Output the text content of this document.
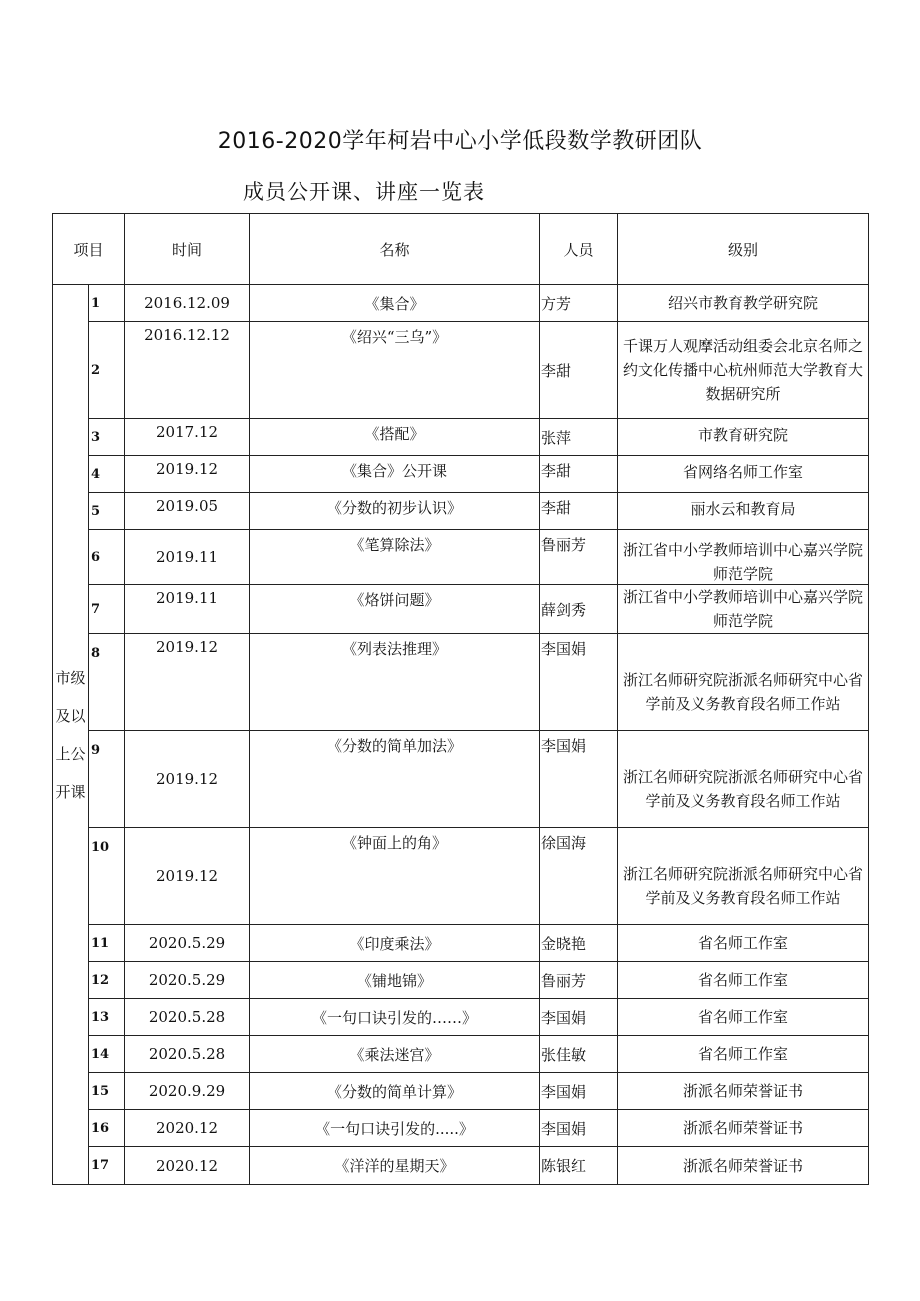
2016-2020学年柯岩中心小学低段数学教研团队
成员公开课、讲座一览表
项目		时间	名称	人员	级别
市级及以上公开课	1	2016.12.09	《集合》	方芳	绍兴市教育教学研究院
	2	2016.12.12	《绍兴“三乌”》	李甜	千课万人观摩活动组委会北京名师之约文化传播中心杭州师范大学教育大数据研究所
	3	2017.12	《搭配》	张萍	市教育研究院
	4	2019.12	《集合》公开课	李甜	省网络名师工作室
	5	2019.05	《分数的初步认识》	李甜	丽水云和教育局
	6	2019.11	《笔算除法》	鲁丽芳	浙江省中小学教师培训中心嘉兴学院师范学院

	7	2019.11	《烙饼问题》	薛剑秀	浙江省中小学教师培训中心嘉兴学院师范学院
	8	2019.12	《列表法推理》	李国娟	浙江名师研究院浙派名师研究中心省学前及义务教育段名师工作站
	9	2019.12	《分数的简单加法》	李国娟	浙江名师研究院浙派名师研究中心省学前及义务教育段名师工作站
	10	2019.12	《钟面上的角》	徐国海	浙江名师研究院浙派名师研究中心省学前及义务教育段名师工作站
	11	2020.5.29	《印度乘法》	金晓艳	省名师工作室
	12	2020.5.29	《铺地锦》	鲁丽芳	省名师工作室
	13	2020.5.28	《一句口诀引发的……》	李国娟	省名师工作室
	14	2020.5.28	《乘法迷宫》	张佳敏	省名师工作室
	15	2020.9.29	《分数的简单计算》	李国娟	浙派名师荣誉证书
	16	2020.12	《一句口诀引发的.....》	李国娟	浙派名师荣誉证书
	17	2020.12	《洋洋的星期天》	陈银红	浙派名师荣誉证书
